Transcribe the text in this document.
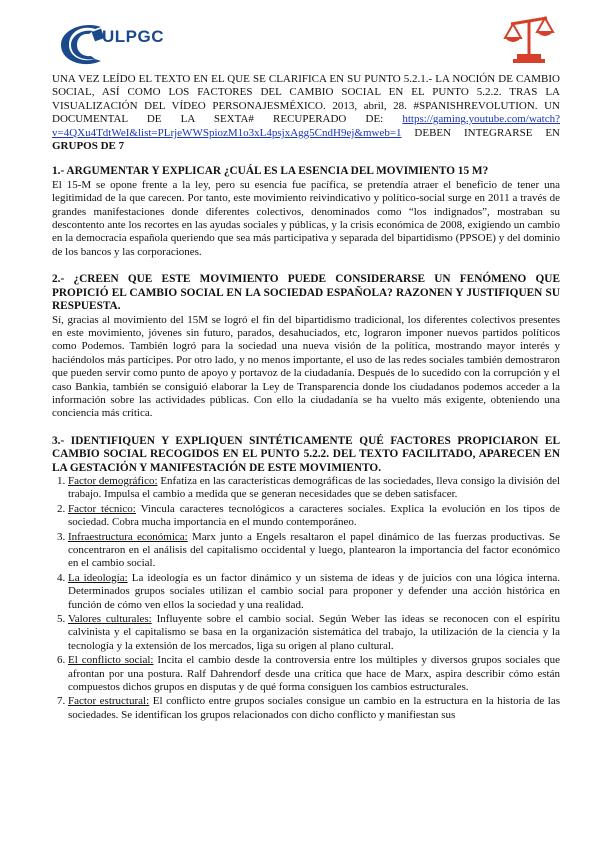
ULPGC

UNA VEZ LEÍDO EL TEXTO EN EL QUE SE CLARIFICA EN SU PUNTO 5.2.1.- LA NOCIÓN DE CAMBIO SOCIAL, ASÍ COMO LOS FACTORES DEL CAMBIO SOCIAL EN EL PUNTO 5.2.2. TRAS LA VISUALIZACIÓN DEL VÍDEO PERSONAJESMÉXICO. 2013, abril, 28. #SPANISHREVOLUTION. UN DOCUMENTAL DE LA SEXTA# RECUPERADO DE: https://gaming.youtube.com/watch?v=4QXu4TdtWeI&list=PLrjeWWSpiozM1o3xL4psjxAgg5CndH9ej&mweb=1 DEBEN INTEGRARSE EN GRUPOS DE 7

1.- ARGUMENTAR Y EXPLICAR ¿CUÁL ES LA ESENCIA DEL MOVIMIENTO 15 M?

El 15-M se opone frente a la ley, pero su esencia fue pacífica, se pretendía atraer el beneficio de tener una legitimidad de la que carecen. Por tanto, este movimiento reivindicativo y político-social surge en 2011 a través de grandes manifestaciones donde diferentes colectivos, denominados como “los indignados”, mostraban su descontento ante los recortes en las ayudas sociales y públicas, y la crisis económica de 2008, exigiendo un cambio en la democracia española queriendo que sea más participativa y separada del bipartidismo (PPSOE) y del dominio de los bancos y las corporaciones.

2.- ¿CREEN QUE ESTE MOVIMIENTO PUEDE CONSIDERARSE UN FENÓMENO QUE PROPICIÓ EL CAMBIO SOCIAL EN LA SOCIEDAD ESPAÑOLA? RAZONEN Y JUSTIFIQUEN SU RESPUESTA.

Sí, gracias al movimiento del 15M se logró el fin del bipartidismo tradicional, los diferentes colectivos presentes en este movimiento, jóvenes sin futuro, parados, desahuciados, etc, lograron imponer nuevos partidos políticos como Podemos. También logró para la sociedad una nueva visión de la política, mostrando mayor interés y haciéndolos más partícipes. Por otro lado, y no menos importante, el uso de las redes sociales también demostraron que pueden servir como punto de apoyo y portavoz de la ciudadanía. Después de lo sucedido con la corrupción y el caso Bankia, también se consiguió elaborar la Ley de Transparencia donde los ciudadanos podemos acceder a la información sobre las actividades públicas. Con ello la ciudadanía se ha vuelto más exigente, obteniendo una conciencia más crítica.

3.- IDENTIFIQUEN Y EXPLIQUEN SINTÉTICAMENTE QUÉ FACTORES PROPICIARON EL CAMBIO SOCIAL RECOGIDOS EN EL PUNTO 5.2.2. DEL TEXTO FACILITADO, APARECEN EN LA GESTACIÓN Y MANIFESTACIÓN DE ESTE MOVIMIENTO.

1. Factor demográfico: Enfatiza en las características demográficas de las sociedades, lleva consigo la división del trabajo. Impulsa el cambio a medida que se generan necesidades que se deben satisfacer.
2. Factor técnico: Vincula caracteres tecnológicos a caracteres sociales. Explica la evolución en los tipos de sociedad. Cobra mucha importancia en el mundo contemporáneo.
3. Infraestructura económica: Marx junto a Engels resaltaron el papel dinámico de las fuerzas productivas. Se concentraron en el análisis del capitalismo occidental y luego, plantearon la importancia del factor económico en el cambio social.
4. La ideología: La ideología es un factor dinámico y un sistema de ideas y de juicios con una lógica interna. Determinados grupos sociales utilizan el cambio social para proponer y defender una acción histórica en función de cómo ven ellos la sociedad y una realidad.
5. Valores culturales: Influyente sobre el cambio social. Según Weber las ideas se reconocen con el espíritu calvinista y el capitalismo se basa en la organización sistemática del trabajo, la utilización de la ciencia y la tecnología y la extensión de los mercados, liga su origen al plano cultural.
6. El conflicto social: Incita el cambio desde la controversia entre los múltiples y diversos grupos sociales que afrontan por una postura. Ralf Dahrendorf desde una crítica que hace de Marx, aspira describir cómo están compuestos dichos grupos en disputas y de qué forma consiguen los cambios estructurales.
7. Factor estructural: El conflicto entre grupos sociales consigue un cambio en la estructura en la historia de las sociedades. Se identifican los grupos relacionados con dicho conflicto y manifiestan sus
